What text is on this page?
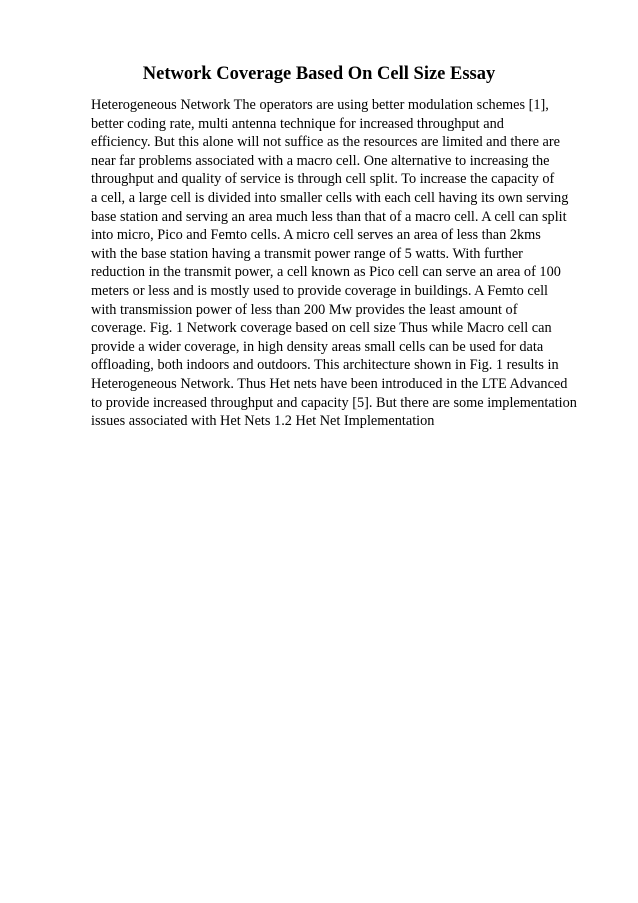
Network Coverage Based On Cell Size Essay
Heterogeneous Network The operators are using better modulation schemes [1],
better coding rate, multi antenna technique for increased throughput and
efficiency. But this alone will not suffice as the resources are limited and there are
near far problems associated with a macro cell. One alternative to increasing the
throughput and quality of service is through cell split. To increase the capacity of
a cell, a large cell is divided into smaller cells with each cell having its own serving
base station and serving an area much less than that of a macro cell. A cell can split
into micro, Pico and Femto cells. A micro cell serves an area of less than 2kms
with the base station having a transmit power range of 5 watts. With further
reduction in the transmit power, a cell known as Pico cell can serve an area of 100
meters or less and is mostly used to provide coverage in buildings. A Femto cell
with transmission power of less than 200 Mw provides the least amount of
coverage. Fig. 1 Network coverage based on cell size Thus while Macro cell can
provide a wider coverage, in high density areas small cells can be used for data
offloading, both indoors and outdoors. This architecture shown in Fig. 1 results in
Heterogeneous Network. Thus Het nets have been introduced in the LTE Advanced
to provide increased throughput and capacity [5]. But there are some implementation
issues associated with Het Nets 1.2 Het Net Implementation
